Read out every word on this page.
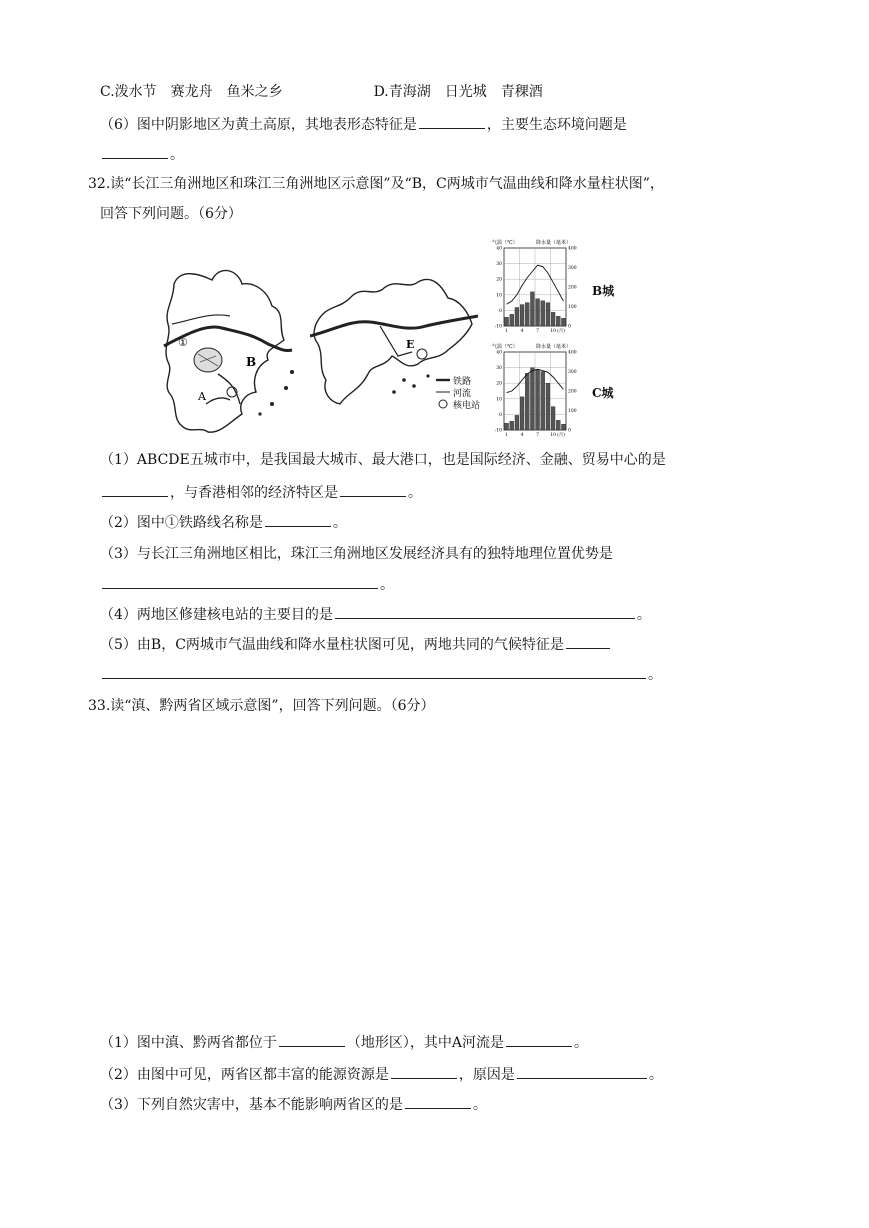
C.泼水节　赛龙舟　鱼米之乡	D.青海湖　日光城　青稞酒
（6）图中阴影地区为黄土高原，其地表形态特征是	，主要生态环境问题是
。
32.读“长江三角洲地区和珠江三角洲地区示意图”及“B，C两城市气温曲线和降水量柱状图”，
回答下列问题。（6分）
①
B
A
E
铁路
河流
核电站
气温（℃）	降水量（毫米）
-10
0
10
20
30
40
0
100
200
300
400
1	4	7 10 (月)
B城
气温（℃）	降水量（毫米）
-10
0
10
20
30
40
0
100
200
300
400
1	4	7 10 (月)
C城
（1）ABCDE五城市中，是我国最大城市、最大港口，也是国际经济、金融、贸易中心的是
，与香港相邻的经济特区是	。
（2）图中①铁路线名称是	。
（3）与长江三角洲地区相比，珠江三角洲地区发展经济具有的独特地理位置优势是
。
（4）两地区修建核电站的主要目的是	。
（5）由B，C两城市气温曲线和降水量柱状图可见，两地共同的气候特征是
。
33.读“滇、黔两省区域示意图”，回答下列问题。（6分）
（1）图中滇、黔两省都位于	（地形区），其中A河流是	。
（2）由图中可见，两省区都丰富的能源资源是	，原因是	。
（3）下列自然灾害中，基本不能影响两省区的是	。
